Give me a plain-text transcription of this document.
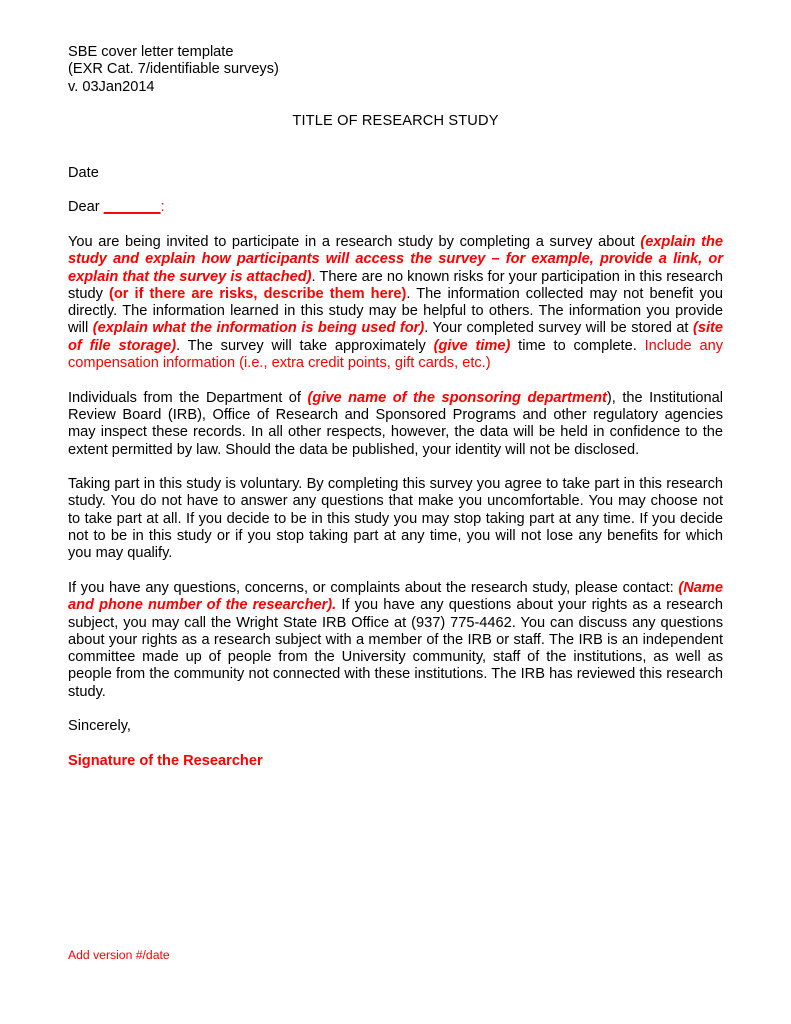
SBE cover letter template
(EXR Cat. 7/identifiable surveys)
v. 03Jan2014
TITLE OF RESEARCH STUDY
Date
Dear _______:

You are being invited to participate in a research study by completing a survey about (explain the study and explain how participants will access the survey – for example, provide a link, or explain that the survey is attached). There are no known risks for your participation in this research study (or if there are risks, describe them here). The information collected may not benefit you directly. The information learned in this study may be helpful to others. The information you provide will (explain what the information is being used for). Your completed survey will be stored at (site of file storage). The survey will take approximately (give time) time to complete. Include any compensation information (i.e., extra credit points, gift cards, etc.)

Individuals from the Department of (give name of the sponsoring department), the Institutional Review Board (IRB), Office of Research and Sponsored Programs and other regulatory agencies may inspect these records. In all other respects, however, the data will be held in confidence to the extent permitted by law. Should the data be published, your identity will not be disclosed.

Taking part in this study is voluntary. By completing this survey you agree to take part in this research study. You do not have to answer any questions that make you uncomfortable. You may choose not to take part at all. If you decide to be in this study you may stop taking part at any time. If you decide not to be in this study or if you stop taking part at any time, you will not lose any benefits for which you may qualify.

If you have any questions, concerns, or complaints about the research study, please contact: (Name and phone number of the researcher). If you have any questions about your rights as a research subject, you may call the Wright State IRB Office at (937) 775-4462. You can discuss any questions about your rights as a research subject with a member of the IRB or staff. The IRB is an independent committee made up of people from the University community, staff of the institutions, as well as people from the community not connected with these institutions. The IRB has reviewed this research study.

Sincerely,
Signature of the Researcher
Add version #/date
